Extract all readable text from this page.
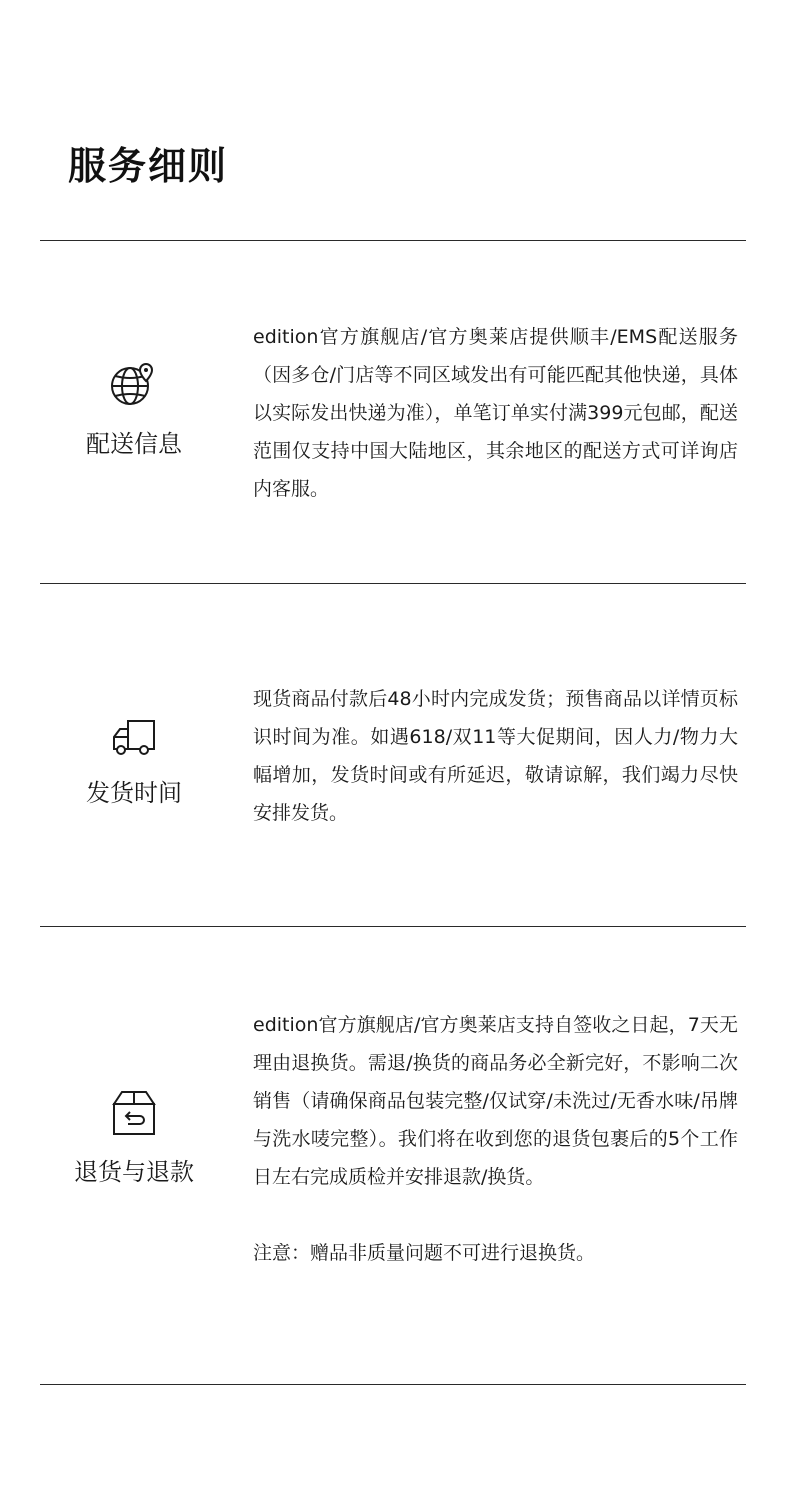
服务细则
配送信息

edition官方旗舰店/官方奥莱店提供顺丰/EMS配送服务（因多仓/门店等不同区域发出有可能匹配其他快递，具体以实际发出快递为准），单笔订单实付满399元包邮，配送范围仅支持中国大陆地区，其余地区的配送方式可详询店内客服。

发货时间

现货商品付款后48小时内完成发货；预售商品以详情页标识时间为准。如遇618/双11等大促期间，因人力/物力大幅增加，发货时间或有所延迟，敬请谅解，我们竭力尽快安排发货。

退货与退款

edition官方旗舰店/官方奥莱店支持自签收之日起，7天无理由退换货。需退/换货的商品务必全新完好，不影响二次销售（请确保商品包装完整/仅试穿/未洗过/无香水味/吊牌与洗水唛完整）。我们将在收到您的退货包裹后的5个工作日左右完成质检并安排退款/换货。

注意：赠品非质量问题不可进行退换货。
